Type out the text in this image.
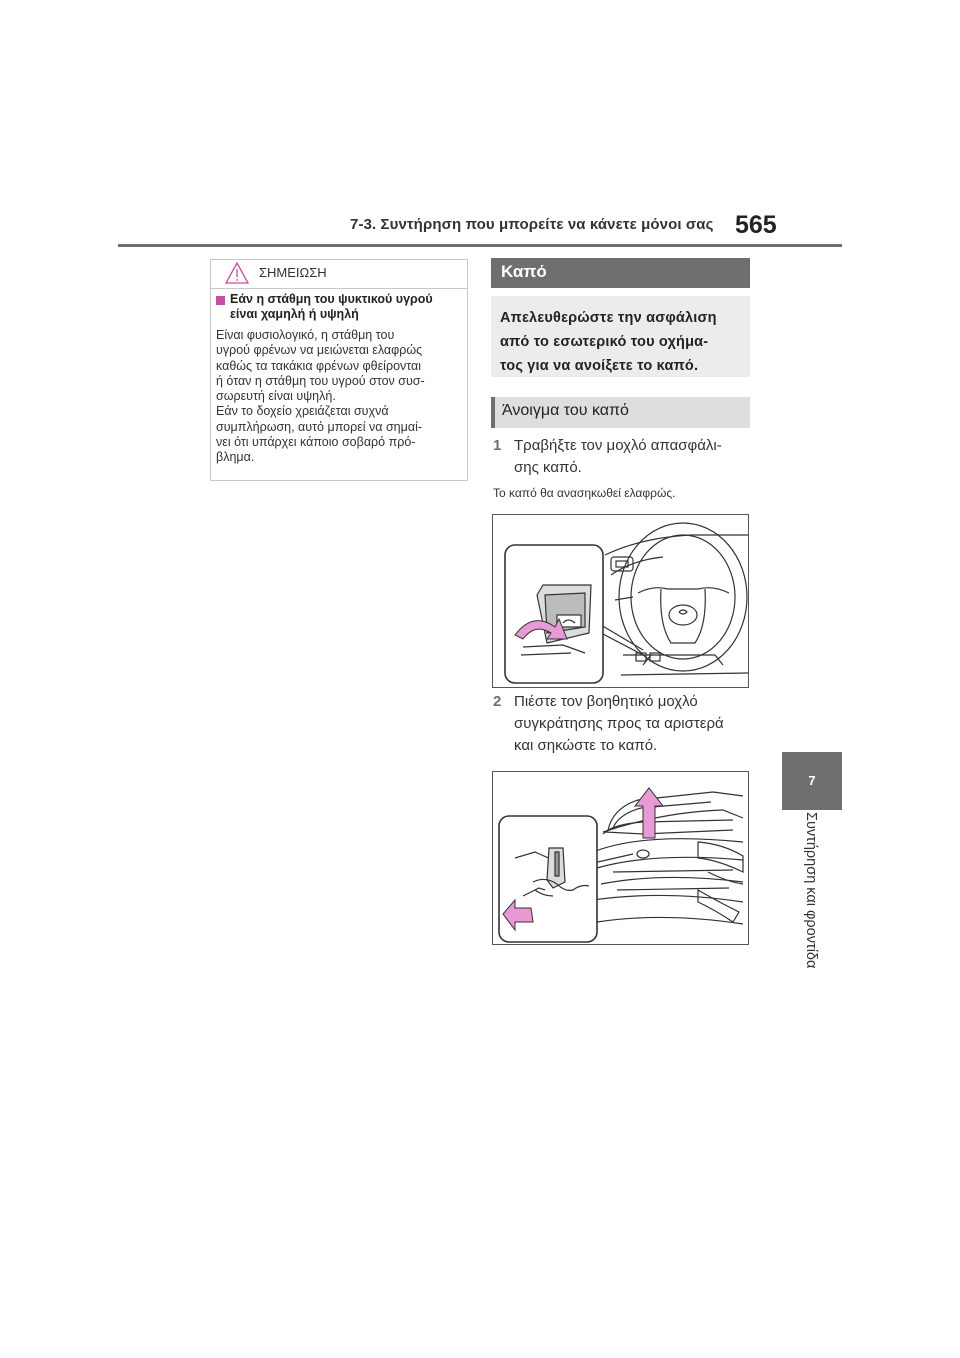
7-3. Συντήρηση που μπορείτε να κάνετε μόνοι σας 565
7
Συντήρηση και φροντίδα
ΣΗΜΕΙΩΣΗ
Εάν η στάθμη του ψυκτικού υγρού είναι χαμηλή ή υψηλή
Είναι φυσιολογικό, η στάθμη του
υγρού φρένων να μειώνεται ελαφρώς
καθώς τα τακάκια φρένων φθείρονται
ή όταν η στάθμη του υγρού στον συσ-
σωρευτή είναι υψηλή.
Εάν το δοχείο χρειάζεται συχνά
συμπλήρωση, αυτό μπορεί να σημαί-
νει ότι υπάρχει κάποιο σοβαρό πρό-
βλημα.
Καπό
Απελευθερώστε την ασφάλιση
από το εσωτερικό του οχήμα-
τος για να ανοίξετε το καπό.
Άνοιγμα του καπό
1 Τραβήξτε τον μοχλό απασφάλι-
σης καπό.
Το καπό θα ανασηκωθεί ελαφρώς.
2 Πιέστε τον βοηθητικό μοχλό
συγκράτησης προς τα αριστερά
και σηκώστε το καπό.
